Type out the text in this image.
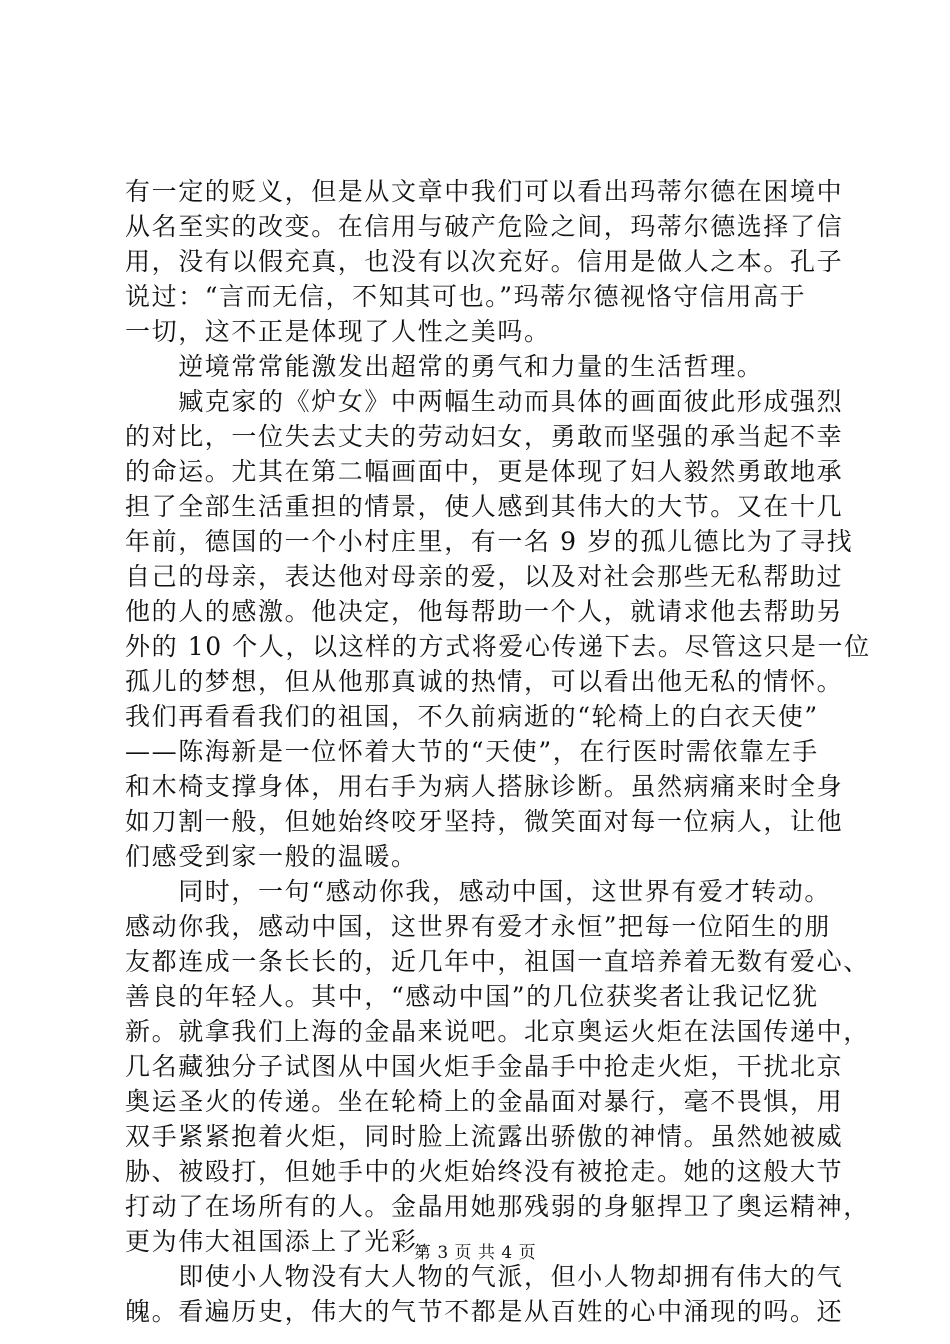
有一定的贬义，但是从文章中我们可以看出玛蒂尔德在困境中
从名至实的改变。在信用与破产危险之间，玛蒂尔德选择了信
用，没有以假充真，也没有以次充好。信用是做人之本。孔子
说过：“言而无信，不知其可也。”玛蒂尔德视恪守信用高于
一切，这不正是体现了人性之美吗。
　　逆境常常能激发出超常的勇气和力量的生活哲理。
　　臧克家的《炉女》中两幅生动而具体的画面彼此形成强烈
的对比，一位失去丈夫的劳动妇女，勇敢而坚强的承当起不幸
的命运。尤其在第二幅画面中，更是体现了妇人毅然勇敢地承
担了全部生活重担的情景，使人感到其伟大的大节。又在十几
年前，德国的一个小村庄里，有一名 9 岁的孤儿德比为了寻找
自己的母亲，表达他对母亲的爱，以及对社会那些无私帮助过
他的人的感激。他决定，他每帮助一个人，就请求他去帮助另
外的 10 个人，以这样的方式将爱心传递下去。尽管这只是一位
孤儿的梦想，但从他那真诚的热情，可以看出他无私的情怀。
我们再看看我们的祖国，不久前病逝的“轮椅上的白衣天使”
——陈海新是一位怀着大节的“天使”，在行医时需依靠左手
和木椅支撑身体，用右手为病人搭脉诊断。虽然病痛来时全身
如刀割一般，但她始终咬牙坚持，微笑面对每一位病人，让他
们感受到家一般的温暖。
　　同时，一句“感动你我，感动中国，这世界有爱才转动。
感动你我，感动中国，这世界有爱才永恒”把每一位陌生的朋
友都连成一条长长的，近几年中，祖国一直培养着无数有爱心、
善良的年轻人。其中，“感动中国”的几位获奖者让我记忆犹
新。就拿我们上海的金晶来说吧。北京奥运火炬在法国传递中，
几名藏独分子试图从中国火炬手金晶手中抢走火炬，干扰北京
奥运圣火的传递。坐在轮椅上的金晶面对暴行，毫不畏惧，用
双手紧紧抱着火炬，同时脸上流露出骄傲的神情。虽然她被威
胁、被殴打，但她手中的火炬始终没有被抢走。她的这般大节
打动了在场所有的人。金晶用她那残弱的身躯捍卫了奥运精神，
更为伟大祖国添上了光彩。
　　即使小人物没有大人物的气派，但小人物却拥有伟大的气
魄。看遍历史，伟大的气节不都是从百姓的心中涌现的吗。还
第 3 页 共 4 页
